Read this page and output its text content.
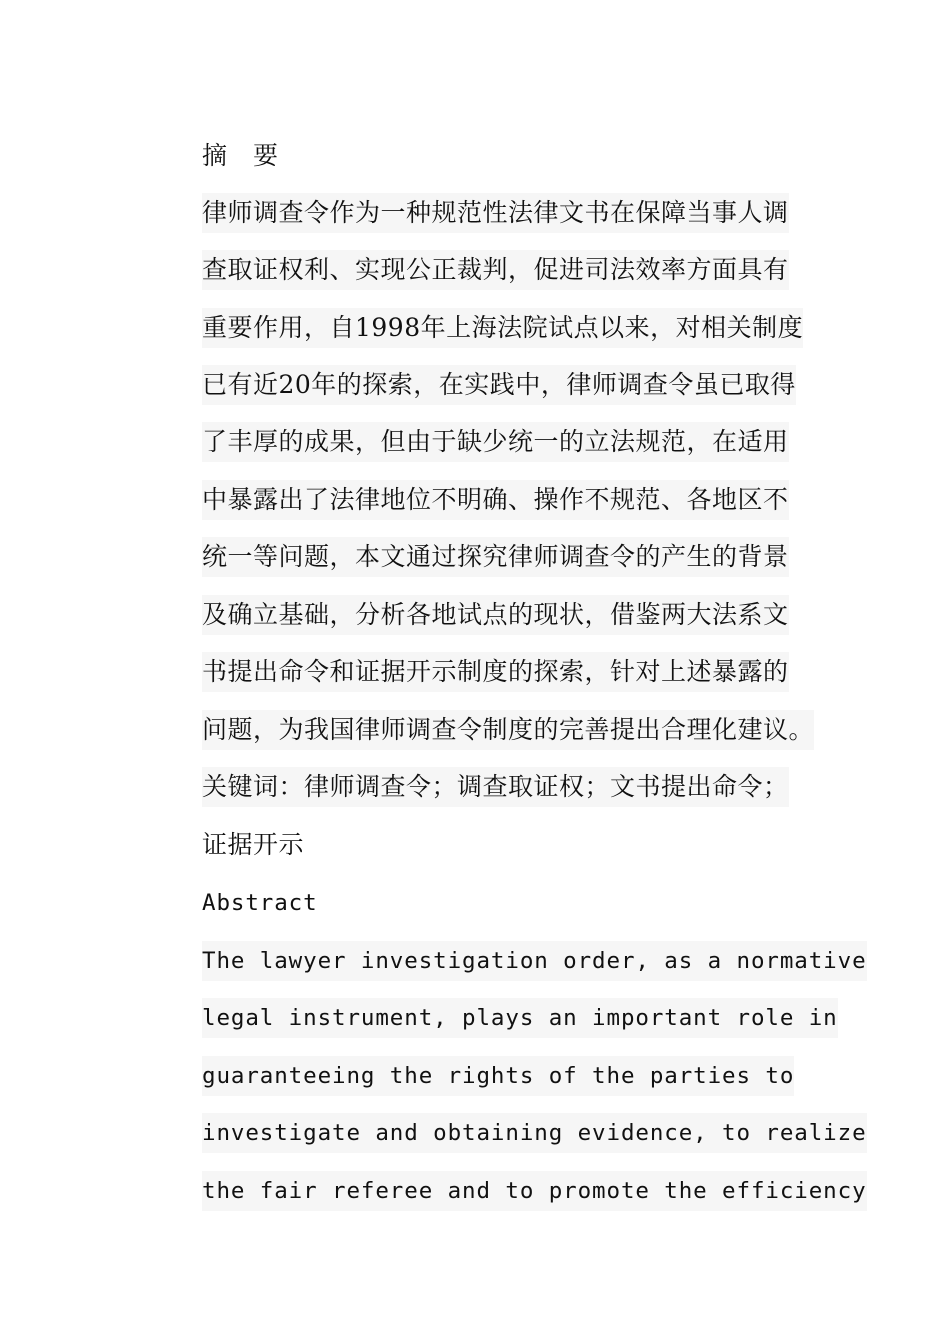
摘 要
律师调查令作为一种规范性法律文书在保障当事人调
查取证权利、实现公正裁判，促进司法效率方面具有
重要作用，自1998年上海法院试点以来，对相关制度
已有近20年的探索，在实践中，律师调查令虽已取得
了丰厚的成果，但由于缺少统一的立法规范，在适用
中暴露出了法律地位不明确、操作不规范、各地区不
统一等问题，本文通过探究律师调查令的产生的背景
及确立基础，分析各地试点的现状，借鉴两大法系文
书提出命令和证据开示制度的探索，针对上述暴露的
问题，为我国律师调查令制度的完善提出合理化建议。
关键词：律师调查令；调查取证权；文书提出命令；
证据开示
Abstract
The lawyer investigation order, as a normative
legal instrument, plays an important role in
guaranteeing the rights of the parties to
investigate and obtaining evidence, to realize
the fair referee and to promote the efficiency
